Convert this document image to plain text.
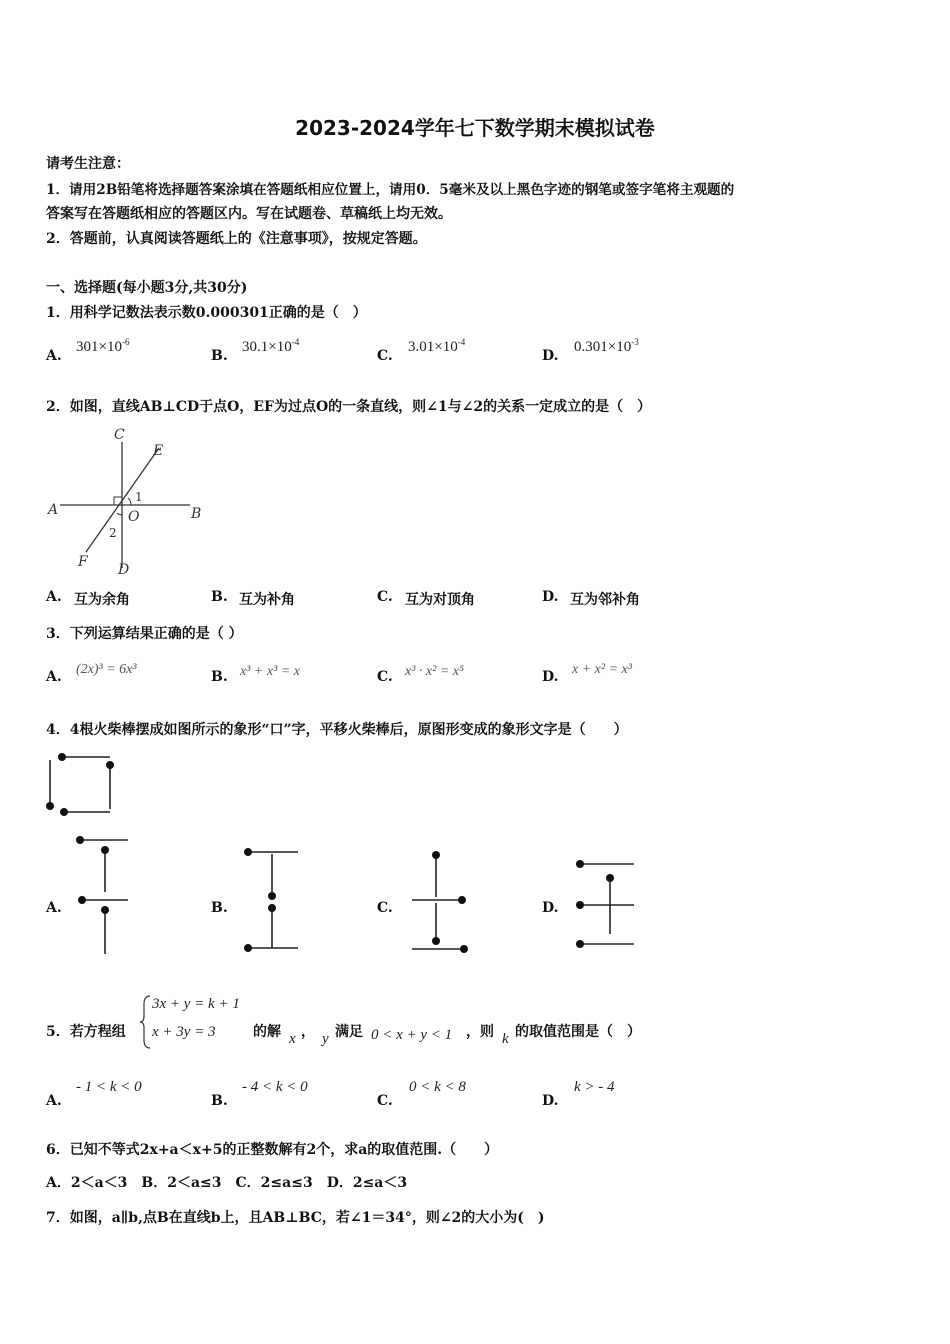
2023-2024学年七下数学期末模拟试卷
请考生注意：
1．请用2B铅笔将选择题答案涂填在答题纸相应位置上，请用0．5毫米及以上黑色字迹的钢笔或签字笔将主观题的
答案写在答题纸相应的答题区内。写在试题卷、草稿纸上均无效。
2．答题前，认真阅读答题纸上的《注意事项》，按规定答题。
一、选择题(每小题3分,共30分)
1．用科学记数法表示数0.000301正确的是（　）
A.
$301\times 10^{-6}$
B.
$30.1\times 10^{-4}$
C.
$3.01\times 10^{-4}$
D.
$0.301\times 10^{-3}$
2．如图，直线AB⊥CD于点O，EF为过点O的一条直线，则∠1与∠2的关系一定成立的是（　）
C
E
A	B
O
1
2
F D
A. 互为余角	B. 互为补角	C. 互为对顶角	D. 互为邻补角
3．下列运算结果正确的是（ ）
A. (2x)³ = 6x³	B. x³ + x³ = x	C. x³ · x² = x⁵	D. x + x² = x³
4．4根火柴棒摆成如图所示的象形“口”字，平移火柴棒后，原图形变成的象形文字是（　　）
A.	B.	C.	D.
5．若方程组
3x + y = k + 1
x + 3y = 3	的解 x ， y 满足 0 < x + y < 1 ，则 k 的取值范围是（　）
A.
- 1 < k < 0
B.
- 4 < k < 0
C.
0 < k < 8
D.
k > - 4
6．已知不等式2x+a＜x+5的正整数解有2个，求a的取值范围.（　　）
A．2＜a＜3　B．2＜a≤3　C．2≤a≤3　D．2≤a＜3
7．如图，a∥b,点B在直线b上，且AB⊥BC，若∠1＝34°，则∠2的大小为(　)
